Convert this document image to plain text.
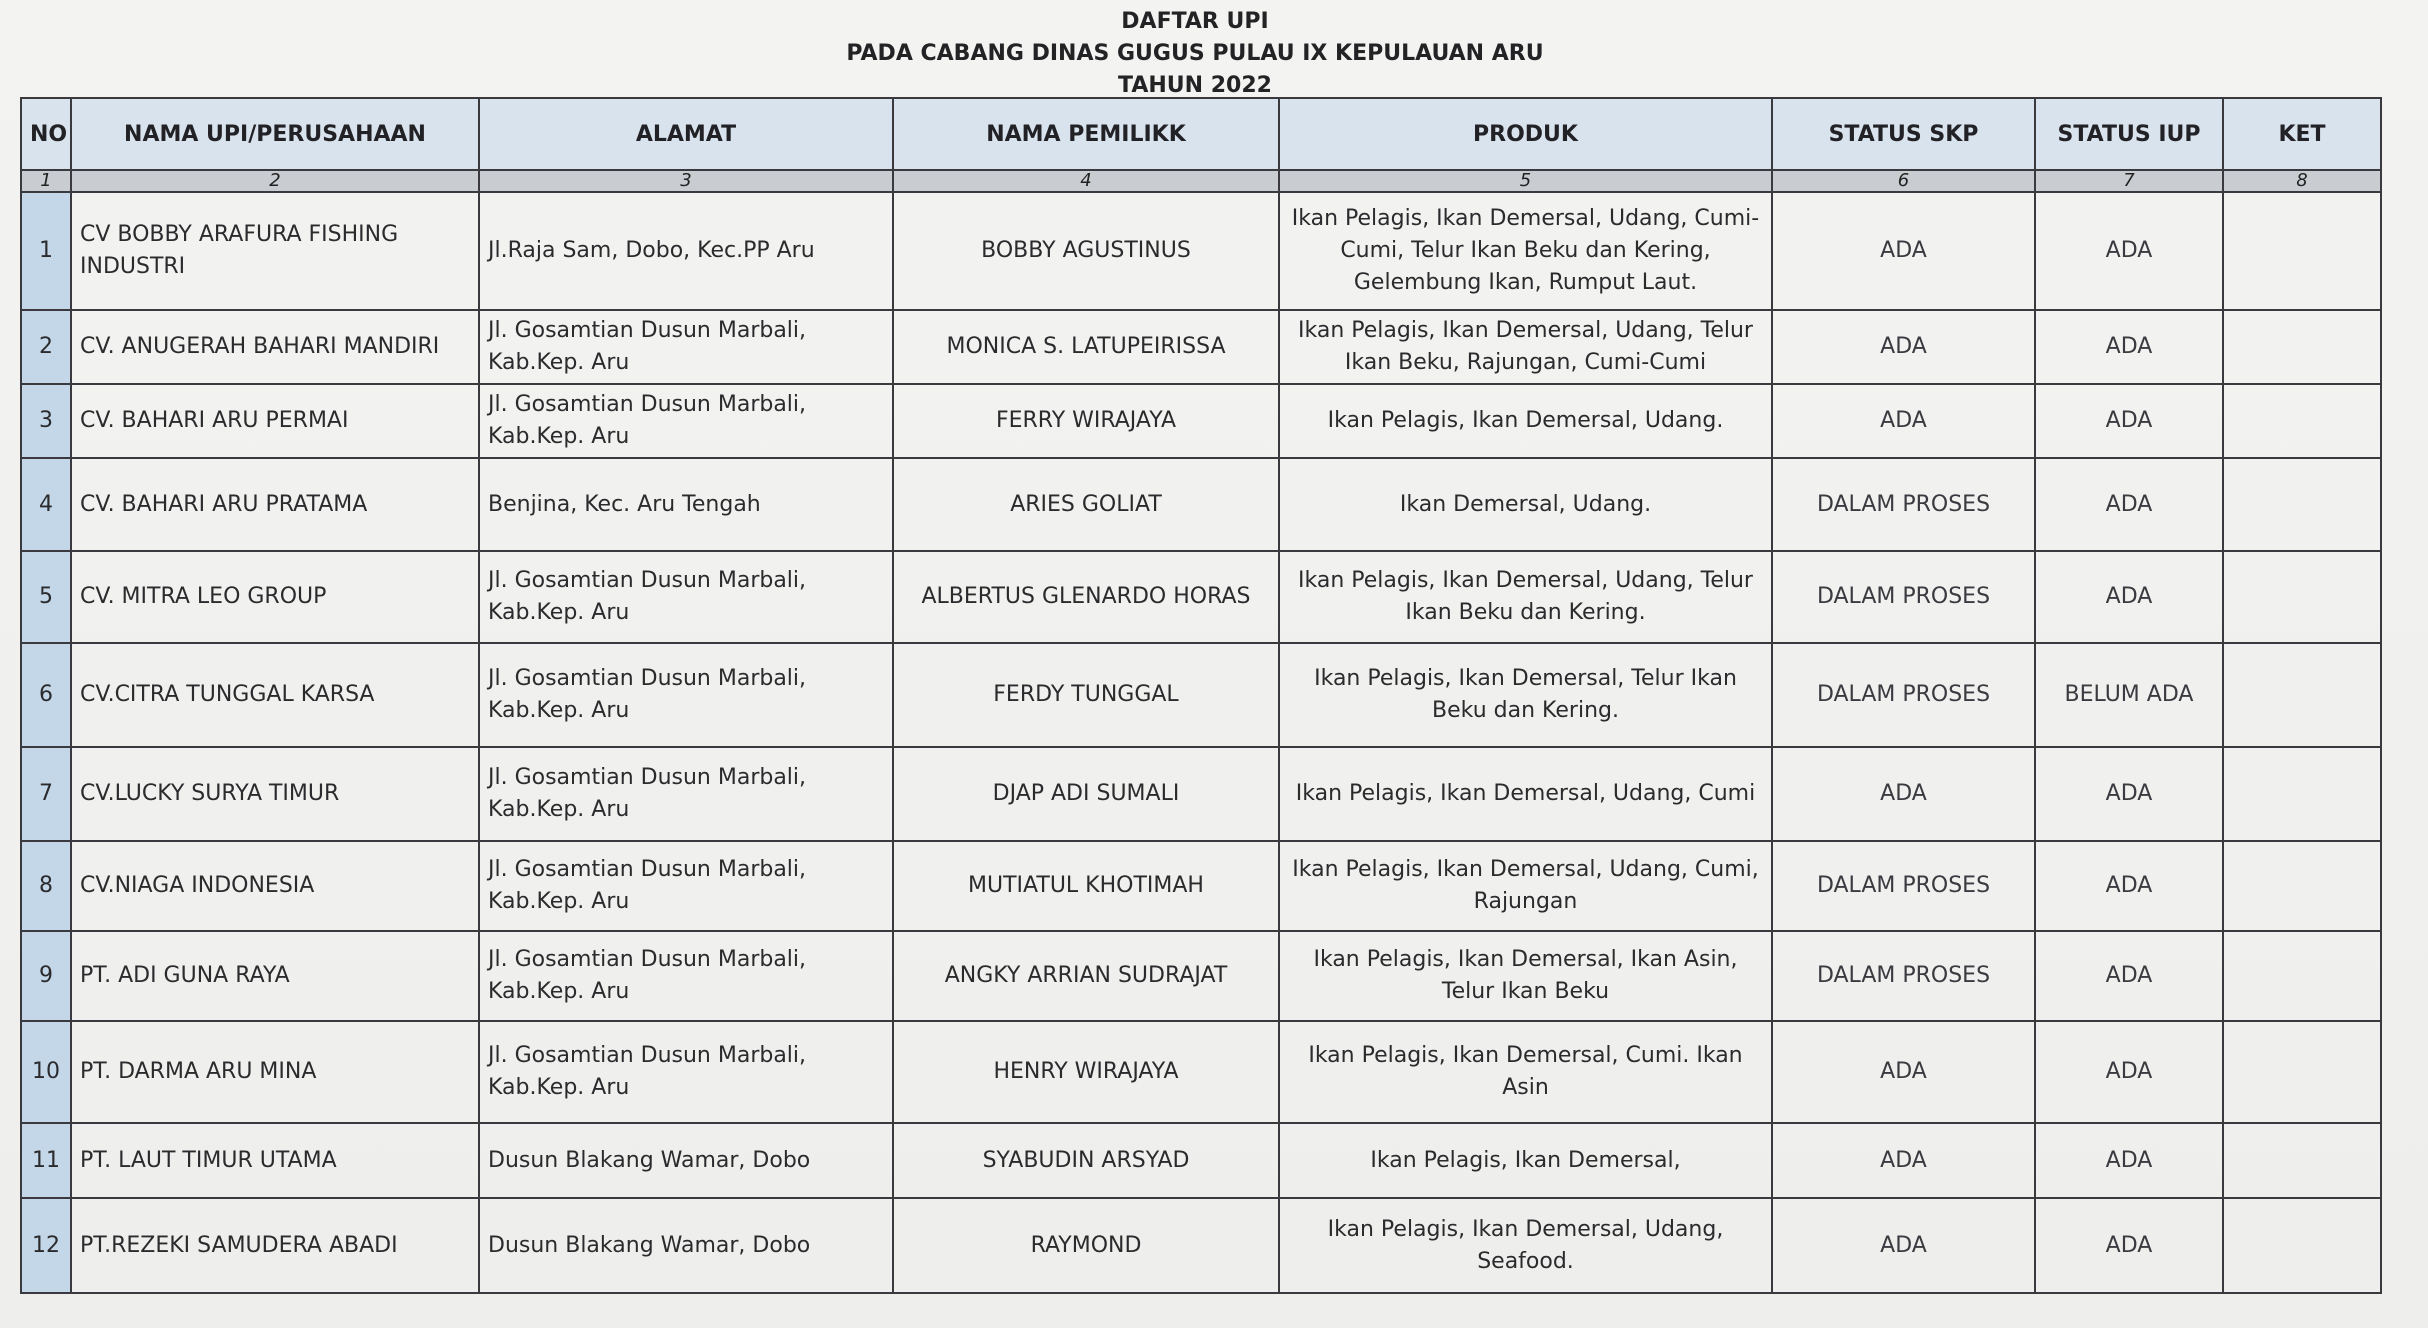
DAFTAR UPI
PADA CABANG DINAS GUGUS PULAU IX KEPULAUAN ARU
TAHUN 2022
NO	NAMA UPI/PERUSAHAAN	ALAMAT	NAMA PEMILIKK	PRODUK	STATUS SKP	STATUS IUP	KET
1	2	3	4	5	6	7	8
1	CV BOBBY ARAFURA FISHING INDUSTRI	Jl.Raja Sam, Dobo, Kec.PP Aru	BOBBY AGUSTINUS	Ikan Pelagis, Ikan Demersal, Udang, Cumi-Cumi, Telur Ikan Beku dan Kering, Gelembung Ikan, Rumput Laut.	ADA	ADA	
2	CV. ANUGERAH BAHARI MANDIRI	Jl. Gosamtian Dusun Marbali, Kab.Kep. Aru	MONICA S. LATUPEIRISSA	Ikan Pelagis, Ikan Demersal, Udang, Telur Ikan Beku, Rajungan, Cumi-Cumi	ADA	ADA	
3	CV. BAHARI ARU PERMAI	Jl. Gosamtian Dusun Marbali, Kab.Kep. Aru	FERRY WIRAJAYA	Ikan Pelagis, Ikan Demersal, Udang.	ADA	ADA	
4	CV. BAHARI ARU PRATAMA	Benjina, Kec. Aru Tengah	ARIES GOLIAT	Ikan Demersal, Udang.	DALAM PROSES	ADA	
5	CV. MITRA LEO GROUP	Jl. Gosamtian Dusun Marbali, Kab.Kep. Aru	ALBERTUS GLENARDO HORAS	Ikan Pelagis, Ikan Demersal, Udang, Telur Ikan Beku dan Kering.	DALAM PROSES	ADA	
6	CV.CITRA TUNGGAL KARSA	Jl. Gosamtian Dusun Marbali, Kab.Kep. Aru	FERDY TUNGGAL	Ikan Pelagis, Ikan Demersal, Telur Ikan Beku dan Kering.	DALAM PROSES	BELUM ADA	
7	CV.LUCKY SURYA TIMUR	Jl. Gosamtian Dusun Marbali, Kab.Kep. Aru	DJAP ADI SUMALI	Ikan Pelagis, Ikan Demersal, Udang, Cumi	ADA	ADA	
8	CV.NIAGA INDONESIA	Jl. Gosamtian Dusun Marbali, Kab.Kep. Aru	MUTIATUL KHOTIMAH	Ikan Pelagis, Ikan Demersal, Udang, Cumi, Rajungan	DALAM PROSES	ADA	
9	PT. ADI GUNA RAYA	Jl. Gosamtian Dusun Marbali, Kab.Kep. Aru	ANGKY ARRIAN SUDRAJAT	Ikan Pelagis, Ikan Demersal, Ikan Asin, Telur Ikan Beku	DALAM PROSES	ADA	
10	PT. DARMA ARU MINA	Jl. Gosamtian Dusun Marbali, Kab.Kep. Aru	HENRY WIRAJAYA	Ikan Pelagis, Ikan Demersal, Cumi. Ikan Asin	ADA	ADA	
11	PT. LAUT TIMUR UTAMA	Dusun Blakang Wamar, Dobo	SYABUDIN ARSYAD	Ikan Pelagis, Ikan Demersal,	ADA	ADA	
12	PT.REZEKI SAMUDERA ABADI	Dusun Blakang Wamar, Dobo	RAYMOND	Ikan Pelagis, Ikan Demersal, Udang, Seafood.	ADA	ADA	
